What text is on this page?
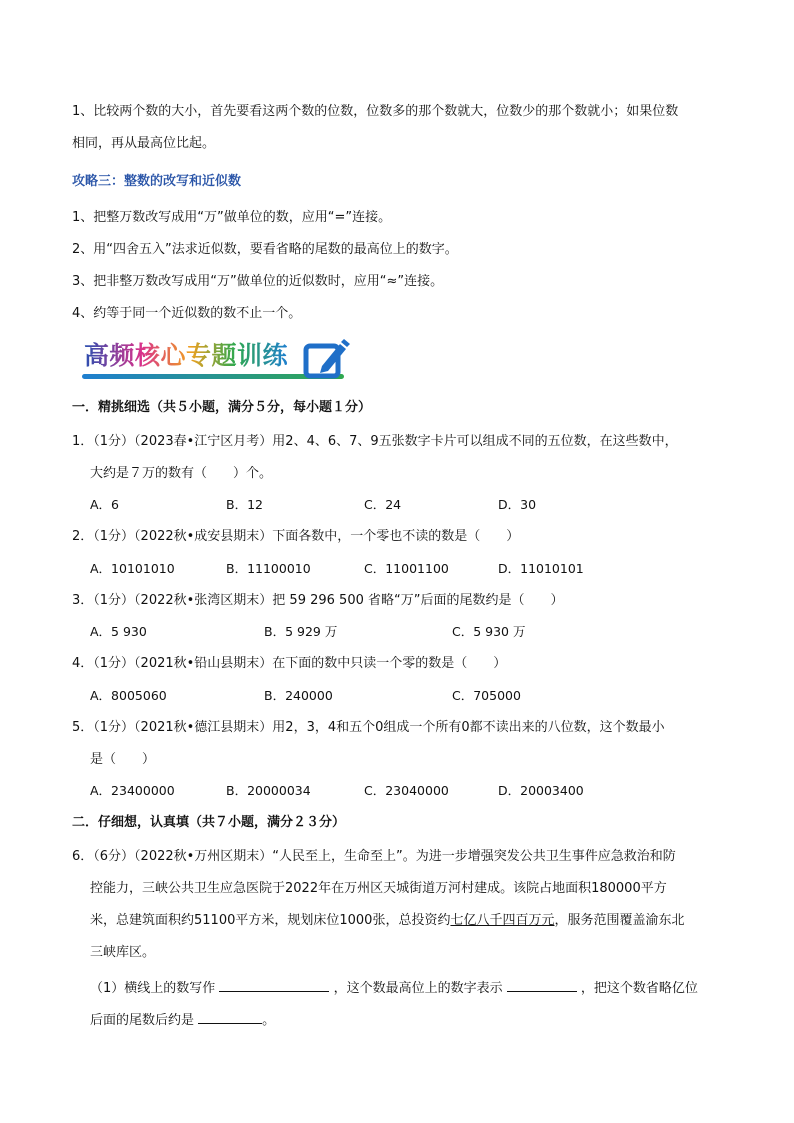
1、比较两个数的大小，首先要看这两个数的位数，位数多的那个数就大，位数少的那个数就小；如果位数
相同，再从最高位比起。
攻略三：整数的改写和近似数
1、把整万数改写成用“万”做单位的数，应用“=”连接。
2、用“四舍五入”法求近似数，要看省略的尾数的最高位上的数字。
3、把非整万数改写成用“万”做单位的近似数时，应用“≈”连接。
4、约等于同一个近似数的数不止一个。
高频核心专题训练
一．精挑细选（共５小题，满分５分，每小题１分）
1．（1分）（2023春•江宁区月考）用2、4、6、7、9五张数字卡片可以组成不同的五位数，在这些数中，
大约是７万的数有（　　）个。
A．6	B．12	C．24	D．30
2．（1分）（2022秋•成安县期末）下面各数中，一个零也不读的数是（　　）
A．10101010	B．11100010	C．11001100	D．11010101
3．（1分）（2022秋•张湾区期末）把 59 296 500 省略“万”后面的尾数约是（　　）
A．5 930	B．5 929 万	C．5 930 万
4．（1分）（2021秋•铅山县期末）在下面的数中只读一个零的数是（　　）
A．8005060	B．240000	C．705000
5．（1分）（2021秋•德江县期末）用2，3，4和五个0组成一个所有0都不读出来的八位数，这个数最小
是（　　）
A．23400000	B．20000034	C．23040000	D．20003400
二．仔细想，认真填（共７小题，满分２３分）
6．（6分）（2022秋•万州区期末）“人民至上，生命至上”。为进一步增强突发公共卫生事件应急救治和防
控能力，三峡公共卫生应急医院于2022年在万州区天城街道万河村建成。该院占地面积180000平方
米，总建筑面积约51100平方米，规划床位1000张，总投资约七亿八千四百万元，服务范围覆盖渝东北
三峡库区。
（1）横线上的数写作	，这个数最高位上的数字表示	，把这个数省略亿位
后面的尾数后约是	。
